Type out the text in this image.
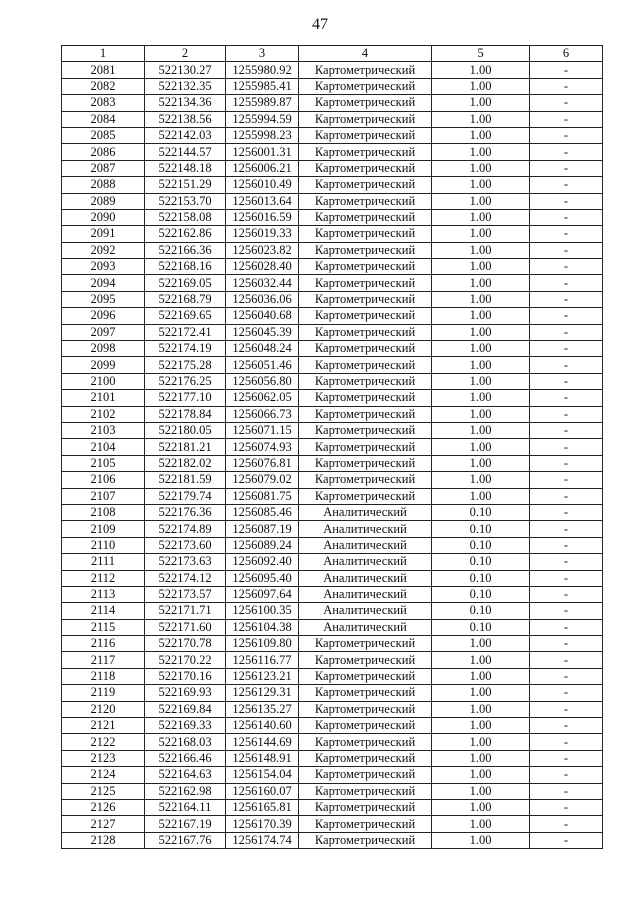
47
1	2	3	4	5	6
2081	522130.27	1255980.92	Картометрический	1.00	-
2082	522132.35	1255985.41	Картометрический	1.00	-
2083	522134.36	1255989.87	Картометрический	1.00	-
2084	522138.56	1255994.59	Картометрический	1.00	-
2085	522142.03	1255998.23	Картометрический	1.00	-
2086	522144.57	1256001.31	Картометрический	1.00	-
2087	522148.18	1256006.21	Картометрический	1.00	-
2088	522151.29	1256010.49	Картометрический	1.00	-
2089	522153.70	1256013.64	Картометрический	1.00	-
2090	522158.08	1256016.59	Картометрический	1.00	-
2091	522162.86	1256019.33	Картометрический	1.00	-
2092	522166.36	1256023.82	Картометрический	1.00	-
2093	522168.16	1256028.40	Картометрический	1.00	-
2094	522169.05	1256032.44	Картометрический	1.00	-
2095	522168.79	1256036.06	Картометрический	1.00	-
2096	522169.65	1256040.68	Картометрический	1.00	-
2097	522172.41	1256045.39	Картометрический	1.00	-
2098	522174.19	1256048.24	Картометрический	1.00	-
2099	522175.28	1256051.46	Картометрический	1.00	-
2100	522176.25	1256056.80	Картометрический	1.00	-
2101	522177.10	1256062.05	Картометрический	1.00	-
2102	522178.84	1256066.73	Картометрический	1.00	-
2103	522180.05	1256071.15	Картометрический	1.00	-
2104	522181.21	1256074.93	Картометрический	1.00	-
2105	522182.02	1256076.81	Картометрический	1.00	-
2106	522181.59	1256079.02	Картометрический	1.00	-
2107	522179.74	1256081.75	Картометрический	1.00	-
2108	522176.36	1256085.46	Аналитический	0.10	-
2109	522174.89	1256087.19	Аналитический	0.10	-
2110	522173.60	1256089.24	Аналитический	0.10	-
2111	522173.63	1256092.40	Аналитический	0.10	-
2112	522174.12	1256095.40	Аналитический	0.10	-
2113	522173.57	1256097.64	Аналитический	0.10	-
2114	522171.71	1256100.35	Аналитический	0.10	-
2115	522171.60	1256104.38	Аналитический	0.10	-
2116	522170.78	1256109.80	Картометрический	1.00	-
2117	522170.22	1256116.77	Картометрический	1.00	-
2118	522170.16	1256123.21	Картометрический	1.00	-
2119	522169.93	1256129.31	Картометрический	1.00	-
2120	522169.84	1256135.27	Картометрический	1.00	-
2121	522169.33	1256140.60	Картометрический	1.00	-
2122	522168.03	1256144.69	Картометрический	1.00	-
2123	522166.46	1256148.91	Картометрический	1.00	-
2124	522164.63	1256154.04	Картометрический	1.00	-
2125	522162.98	1256160.07	Картометрический	1.00	-
2126	522164.11	1256165.81	Картометрический	1.00	-
2127	522167.19	1256170.39	Картометрический	1.00	-
2128	522167.76	1256174.74	Картометрический	1.00	-
